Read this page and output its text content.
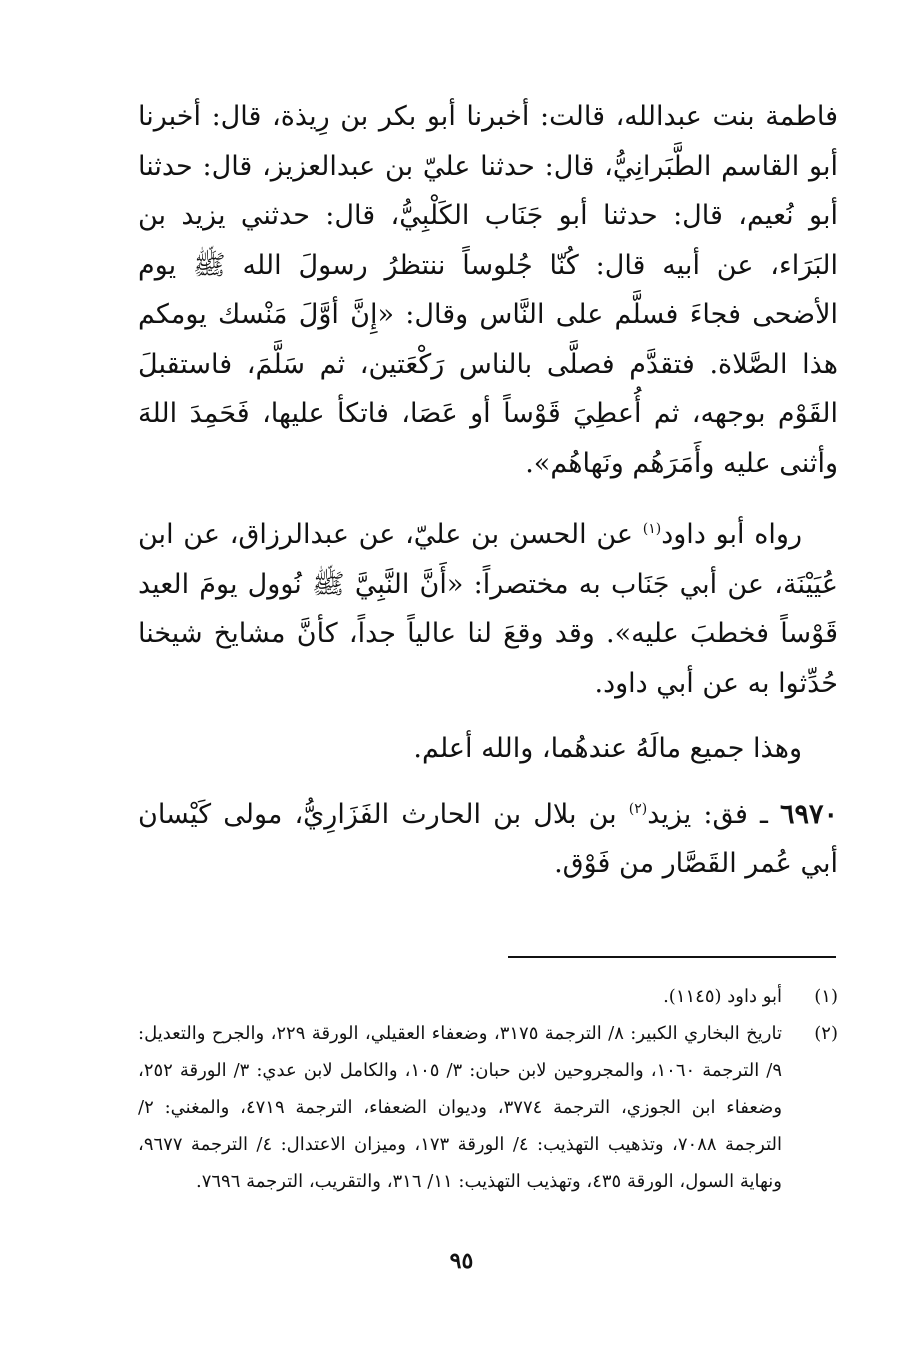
فاطمة بنت عبدالله، قالت: أخبرنا أبو بكر بن رِيذة، قال: أخبرنا أبو القاسم الطَّبَرانِيُّ، قال: حدثنا عليّ بن عبدالعزيز، قال: حدثنا أبو نُعيم، قال: حدثنا أبو جَنَاب الكَلْبِيُّ، قال: حدثني يزيد بن البَرَاء، عن أبيه قال: كُنّا جُلوساً ننتظرُ رسولَ الله ﷺ يوم الأضحى فجاءَ فسلَّم على النَّاس وقال: «إِنَّ أوَّلَ مَنْسك يومكم هذا الصَّلاة. فتقدَّم فصلَّى بالناس رَكْعَتين، ثم سَلَّمَ، فاستقبلَ القَوْم بوجهه، ثم أُعطِيَ قَوْساً أو عَصَا، فاتكأ عليها، فَحَمِدَ اللهَ وأثنى عليه وأَمَرَهُم ونَهاهُم».

رواه أبو داود$^{(١)}$ عن الحسن بن عليّ، عن عبدالرزاق، عن ابن عُيَيْنَة، عن أبي جَنَاب به مختصراً: «أَنَّ النَّبِيَّ ﷺ نُوول يومَ العيد قَوْساً فخطبَ عليه». وقد وقعَ لنا عالياً جداً، كأنَّ مشايخ شيخنا حُدِّثوا به عن أبي داود.

وهذا جميع مالَهُ عندهُما، والله أعلم.

٦٩٧٠ ـ فق: يزيد$^{(٢)}$ بن بلال بن الحارث الفَزَارِيُّ، مولى كَيْسان أبي عُمر القَصَّار من فَوْق.

(١)
أبو داود (١١٤٥).

(٢)
تاريخ البخاري الكبير: ٨/ الترجمة ٣١٧٥، وضعفاء العقيلي، الورقة ٢٢٩، والجرح والتعديل: ٩/ الترجمة ١٠٦٠، والمجروحين لابن حبان: ٣/ ١٠٥، والكامل لابن عدي: ٣/ الورقة ٢٥٢، وضعفاء ابن الجوزي، الترجمة ٣٧٧٤، وديوان الضعفاء، الترجمة ٤٧١٩، والمغني: ٢/ الترجمة ٧٠٨٨، وتذهيب التهذيب: ٤/ الورقة ١٧٣، وميزان الاعتدال: ٤/ الترجمة ٩٦٧٧، ونهاية السول، الورقة ٤٣٥، وتهذيب التهذيب: ١١/ ٣١٦، والتقريب، الترجمة ٧٦٩٦.

٩٥
